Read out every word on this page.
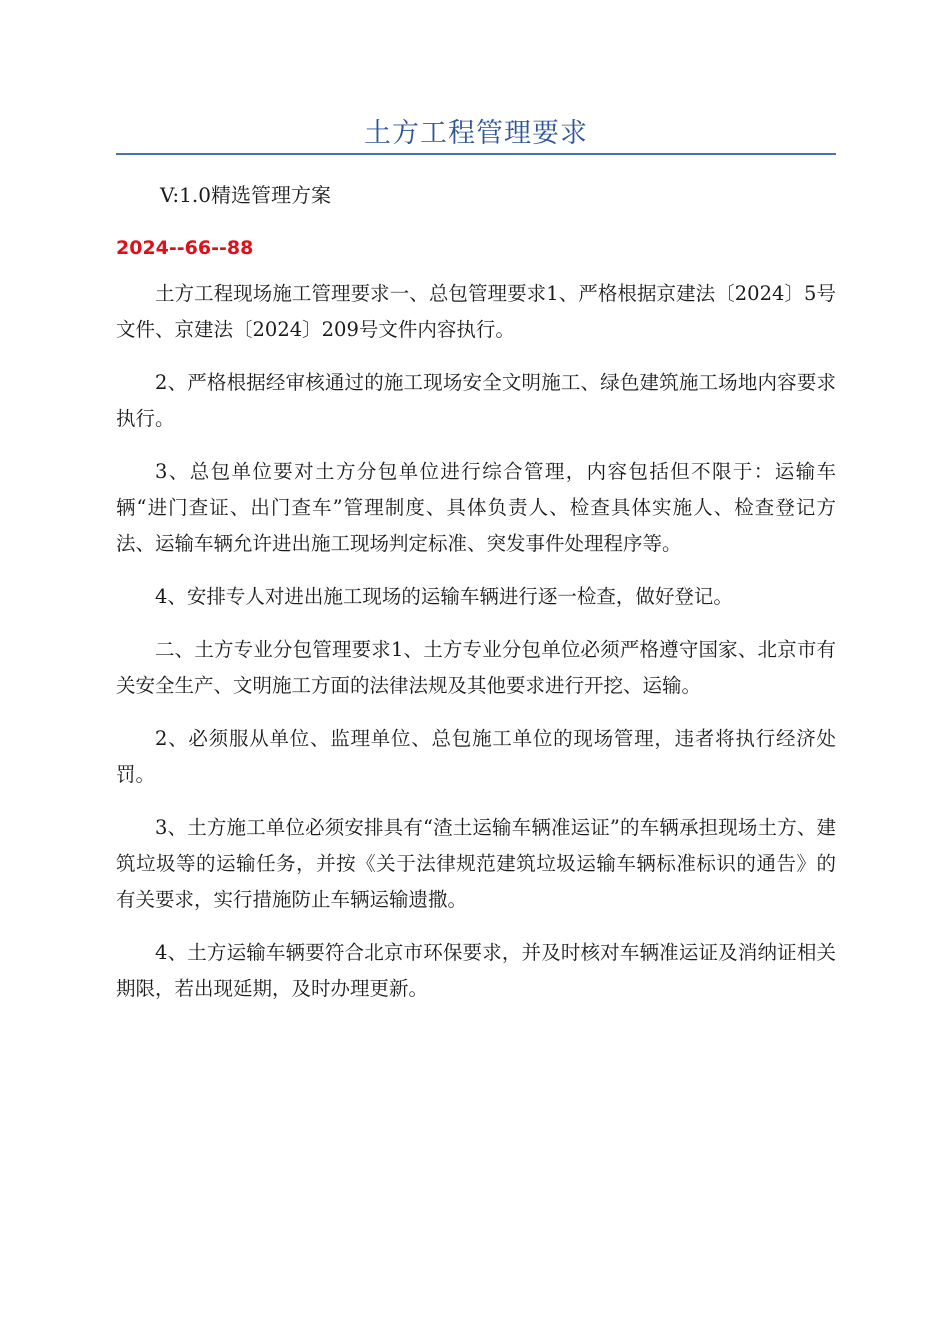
土方工程管理要求
V:1.0精选管理方案
2024--66--88

土方工程现场施工管理要求一、总包管理要求1、严格根据京建法〔2024〕5号文件、京建法〔2024〕209号文件内容执行。

2、严格根据经审核通过的施工现场安全文明施工、绿色建筑施工场地内容要求执行。

3、总包单位要对土方分包单位进行综合管理，内容包括但不限于：运输车辆“进门查证、出门查车”管理制度、具体负责人、检查具体实施人、检查登记方法、运输车辆允许进出施工现场判定标准、突发事件处理程序等。

4、安排专人对进出施工现场的运输车辆进行逐一检查，做好登记。

二、土方专业分包管理要求1、土方专业分包单位必须严格遵守国家、北京市有关安全生产、文明施工方面的法律法规及其他要求进行开挖、运输。

2、必须服从单位、监理单位、总包施工单位的现场管理，违者将执行经济处罚。

3、土方施工单位必须安排具有“渣土运输车辆准运证”的车辆承担现场土方、建筑垃圾等的运输任务，并按《关于法律规范建筑垃圾运输车辆标准标识的通告》的有关要求，实行措施防止车辆运输遗撒。

4、土方运输车辆要符合北京市环保要求，并及时核对车辆准运证及消纳证相关期限，若出现延期，及时办理更新。
